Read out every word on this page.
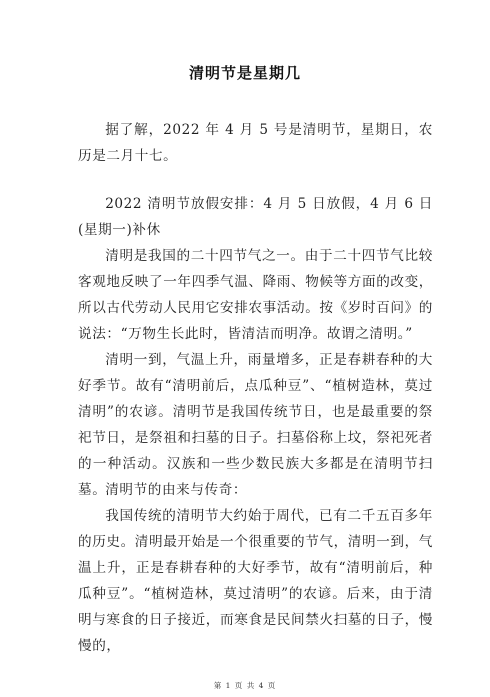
清明节是星期几
据了解，2022 年 4 月 5 号是清明节，星期日，农历是二月十七。
2022 清明节放假安排：4 月 5 日放假，4 月 6 日(星期一)补休
清明是我国的二十四节气之一。由于二十四节气比较客观地反映了一年四季气温、降雨、物候等方面的改变，所以古代劳动人民用它安排农事活动。按《岁时百问》的说法：“万物生长此时，皆清洁而明净。故谓之清明。”
清明一到，气温上升，雨量增多，正是春耕春种的大好季节。故有“清明前后，点瓜种豆”、“植树造林，莫过清明”的农谚。清明节是我国传统节日，也是最重要的祭祀节日，是祭祖和扫墓的日子。扫墓俗称上坟，祭祀死者的一种活动。汉族和一些少数民族大多都是在清明节扫墓。
清明节的由来与传奇：
我国传统的清明节大约始于周代，已有二千五百多年的历史。清明最开始是一个很重要的节气，清明一到，气温上升，正是春耕春种的大好季节，故有“清明前后，种瓜种豆”。“植树造林，莫过清明”的农谚。后来，由于清明与寒食的日子接近，而寒食是民间禁火扫墓的日子，慢慢的，
第 1 页 共 4 页
